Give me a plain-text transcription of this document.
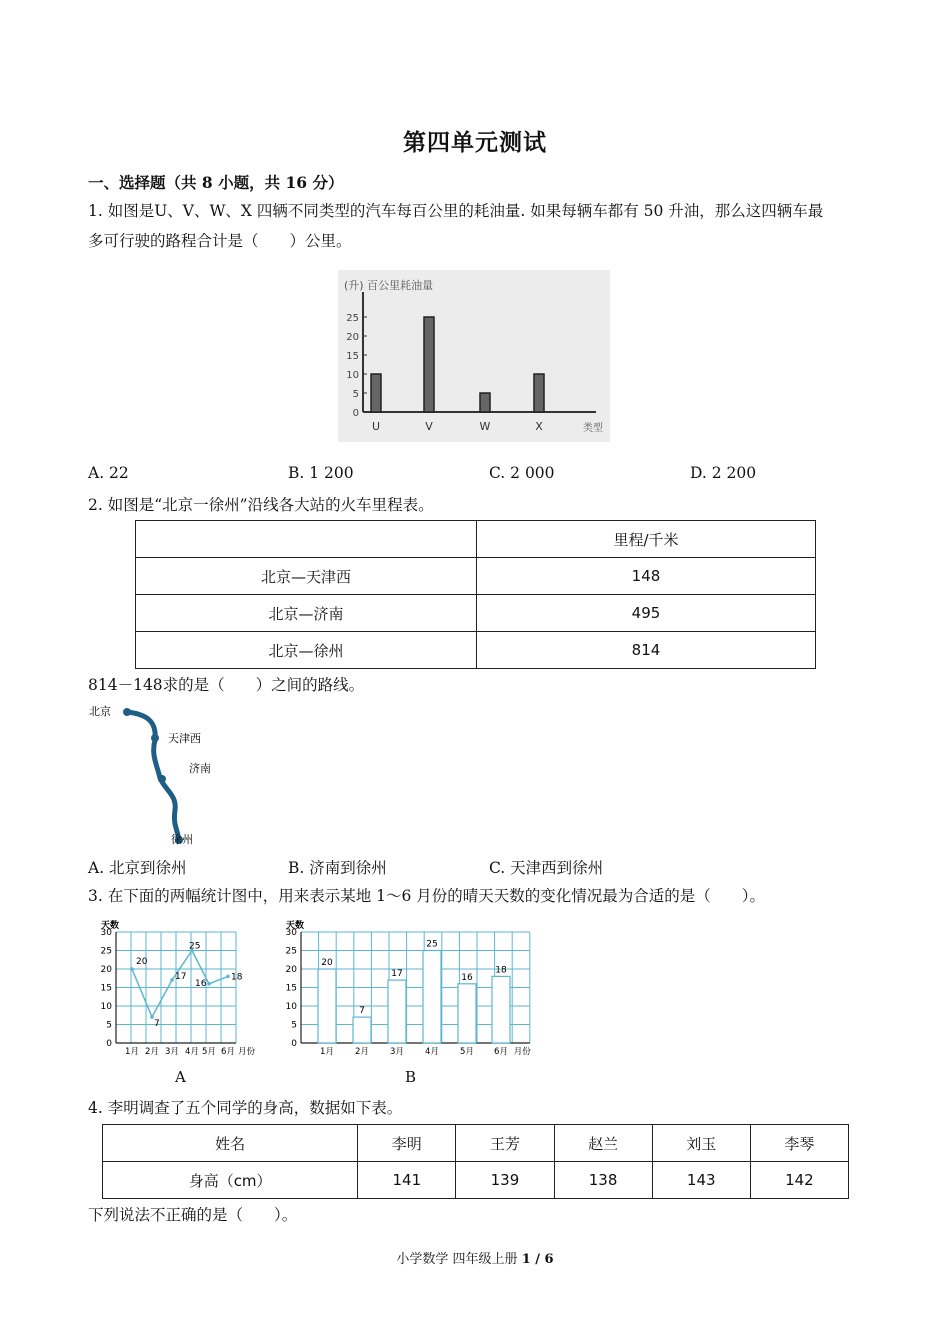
第四单元测试
一、选择题（共 8 小题，共 16 分）
1. 如图是U、V、W、X 四辆不同类型的汽车每百公里的耗油量. 如果每辆车都有 50 升油，那么这四辆车最
多可行驶的路程合计是（　　）公里。
(升) 百公里耗油量
0
5
10
15
20
25
U	V	W	X	类型
A. 22	B. 1 200	C. 2 000	D. 2 200
2. 如图是“北京一徐州”沿线各大站的火车里程表。
	里程/千米
北京—天津西	148
北京—济南	495
北京—徐州	814
814－148求的是（　　）之间的路线。
北京
天津西
济南
徐州
A. 北京到徐州	B. 济南到徐州	C. 天津西到徐州
3. 在下面的两幅统计图中，用来表示某地 1～6 月份的晴天天数的变化情况最为合适的是（　　）。
天数
0
5
10
15
20
25
30
20
1月
7
2月
17
3月
25
4月
16
5月
18
6月 月份
天数
0
5
10
15
20
25
30
20
1月
7
2月
17
3月
25
4月
16
5月
18
6月 月份
A	B
4. 李明调查了五个同学的身高，数据如下表。
姓名	李明	王芳	赵兰	刘玉	李琴
身高（cm）	141	139	138	143	142
下列说法不正确的是（　　）。
小学数学 四年级上册 1 / 6
